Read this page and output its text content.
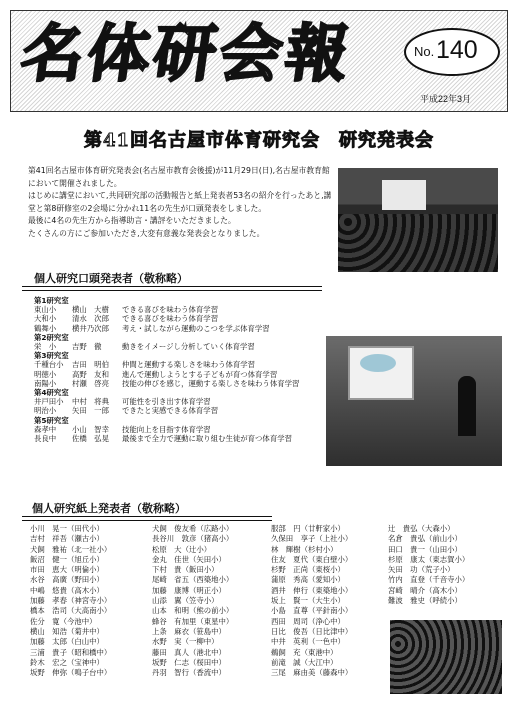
名体研会報	No. 140
平成22年3月
第41回名古屋市体育研究会　研究発表会

第41回名古屋市体育研究発表会(名古屋市教育会後援)が11月29日(日),名古屋市教育館において開催されました。

はじめに講堂において,共同研究部の活動報告と紙上発表者53名の紹介を行ったあと,講堂と第8研修室の2会場に分かれ11名の先生が口頭発表をしました。

最後に4名の先生方から指導助言・講評をいただきました。

たくさんの方にご参加いただき,大変有意義な発表会となりました。

個人研究口頭発表者（敬称略）
第1研究室
東山小 横山　大樹 できる喜びを味わう体育学習
大和小 清水　次郎 できる喜びを味わう体育学習
鶴舞小 横井乃次郎 考え・試しながら運動のこつを学ぶ体育学習
第2研究室
栄　小 吉野　徹	動きをイメージし分析していく体育学習
第3研究室
千種台小 吉田　明伯 仲間と運動する楽しさを味わう体育学習
明徳小 高野　友和 進んで運動しようとする子どもが育つ体育学習
南陽小 村瀬　啓亮 技能の伸びを感じ，運動する楽しさを味わう体育学習
第4研究室
井戸田小 中村　将典 可能性を引き出す体育学習
明治小 矢田　一郎 できたと実感できる体育学習
第5研究室
森孝中 小山　智幸 技能向上を目指す体育学習
長良中 佐橋　弘晃 最後まで全力で運動に取り組む生徒が育つ体育学習
個人研究紙上発表者（敬称略）
小川　晃一（田代小）
吉村　祥吾（瀬古小）
犬飼　雅祐（北一社小）
飯沼　健一（旭丘小）
市田　恵大（明倫小）
水谷　高廣（野田小）
中嶋　悠貴（高木小）
加藤　孝春（神宮寺小）
橋本　浩司（大高南小）
佐分　寛（今池中）
横山　知浩（菊井中）
加藤　太郎（白山中）
三浦　貴子（昭和橋中）
鈴木　宏之（宝神中）
坂野　伸弥（鳴子台中）
犬飼　俊友希（広路小）
長谷川　敦彦（猪高小）
松原　大（辻小）
金丸　佳世（矢田小）
下村　貴（飯田小）
尾崎　省五（西築地小）
加藤　康博（明正小）
山添　翼（笠寺小）
山本　和明（熊の前小）
蜂谷　有加里（東星中）
上条　麻衣（笹島中）
水野　実（一柳中）
藤田　真人（港北中）
坂野　仁志（桜田中）
丹羽　智行（香流中）
服部　円（廿軒家小）
久保田　享子（上社小）
林　輝樹（杉村小）
住友　夏代（東白壁小）
杉野　正尚（東桜小）
蒲原　秀高（愛知小）
酒井　伸行（東築地小）
坂上　賢一（大生小）
小島　直尊（平針南小）
西田　周司（浄心中）
日比　俊吾（日比津中）
中井　英利（一色中）
鵜飼　充（東港中）
前滝　誠（大江中）
三尾　麻由美（藤森中）
辻　貴弘（大森小）
名倉　貴弘（前山小）
田口　貴一（山田小）
杉原　康太（東志賀小）
矢田　功（荒子小）
竹内　直登（千音寺小）
宮崎　晴介（高木小）
難波　雅史（呼続小）
